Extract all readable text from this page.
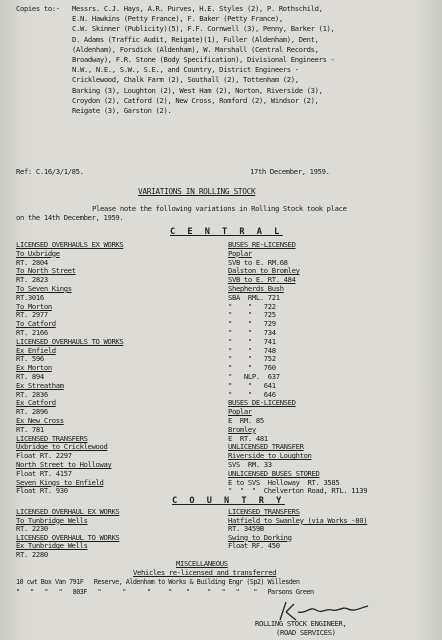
Copies to:- Messrs. C.J. Hays, A.R. Purves, H.E. Styles (2), P. Rothschild,
E.N. Hawkins (Petty France), F. Baker (Petty France),
C.W. Skinner (Publicity)(5), F.F. Cornwell (3), Penny, Barker (1),
D. Adams (Traffic Audit, Reigate)(1), Fuller (Aldenham), Dent,
(Aldenham), Forsdick (Aldenham), W. Marshall (Central Records,
Broadway), F.R. Stone (Body Specification), Divisional Engineers -
N.W., N.E., S.W., S.E., and Country, District Engineers -
Cricklewood, Chalk Farm (2), Southall (2), Tottenham (2),
Barking (3), Loughton (2), West Ham (2), Norton, Riverside (3),
Croydon (2), Catford (2), New Cross, Romford (2), Windsor (2),
Reigate (3), Garston (2).
Ref: C.16/3/1/85.	17th December, 1959.
VARIATIONS IN ROLLING STOCK
Please note the following variations in Rolling Stock took place
on the 14th December, 1959.
C E N T R A L
LICENSED OVERHAULS EX WORKS
To Uxbridge
RT. 2804
To North Street
RT. 2823
To Seven Kings
RT.3016
To Morton
RT. 2977
To Catford
RT. 2166
LICENSED OVERHAULS TO WORKS
Ex Enfield
RT. 596
Ex Morton
RT. 894
Ex Streatham
RT. 2836
Ex Catford
RT. 2896
Ex New Cross
RT. 781
LICENSED TRANSFERS
Uxbridge to Cricklewood
Float RT. 2297
North Street to Holloway
Float RT. 4157
Seven Kings to Enfield
Float RT. 930
BUSES RE-LICENSED
Poplar
SVB to E. RM.68
Dalston to Bromley
SVB to E. RT. 484
Shepherds Bush
SBA  RML. 721
"    "   722
"    "   725
"    "   729
"    "   734
"    "   741
"    "   748
"    "   752
"    "   760
"   NLP.  637
"    "   641
"    "   646
BUSES DE-LICENSED
Poplar
E  RM. 85
Bromley
E  RT. 481
UNLICENSED TRANSFER
Riverside to Loughton
SVS  RM. 33
UNLICENSED BUSES STORED
E to SVS  Holloway  RT. 3585
"  "  "  Chelverton Road, RTL. 1139
C O U N T R Y
LICENSED OVERHAUL EX WORKS
To Tunbridge Wells
RT. 2230
LICENSED OVERHAUL TO WORKS
Ex Tunbridge Wells
RT. 2280
LICENSED TRANSFERS
Hatfield to Swanley (via Works -80)
RT. 3459B
Swing to Dorking
Float RF. 450
MISCELLANEOUS
Vehicles re-licensed and transferred
10 cwt Box Van 791F   Reserve, Aldenham to Works & Building Engr (Sp2) Willesden
"   "   "   "   803F   "      "      "     "    "     "   "   "    "   Parsons Green
ROLLING STOCK ENGINEER,
(ROAD SERVICES)
